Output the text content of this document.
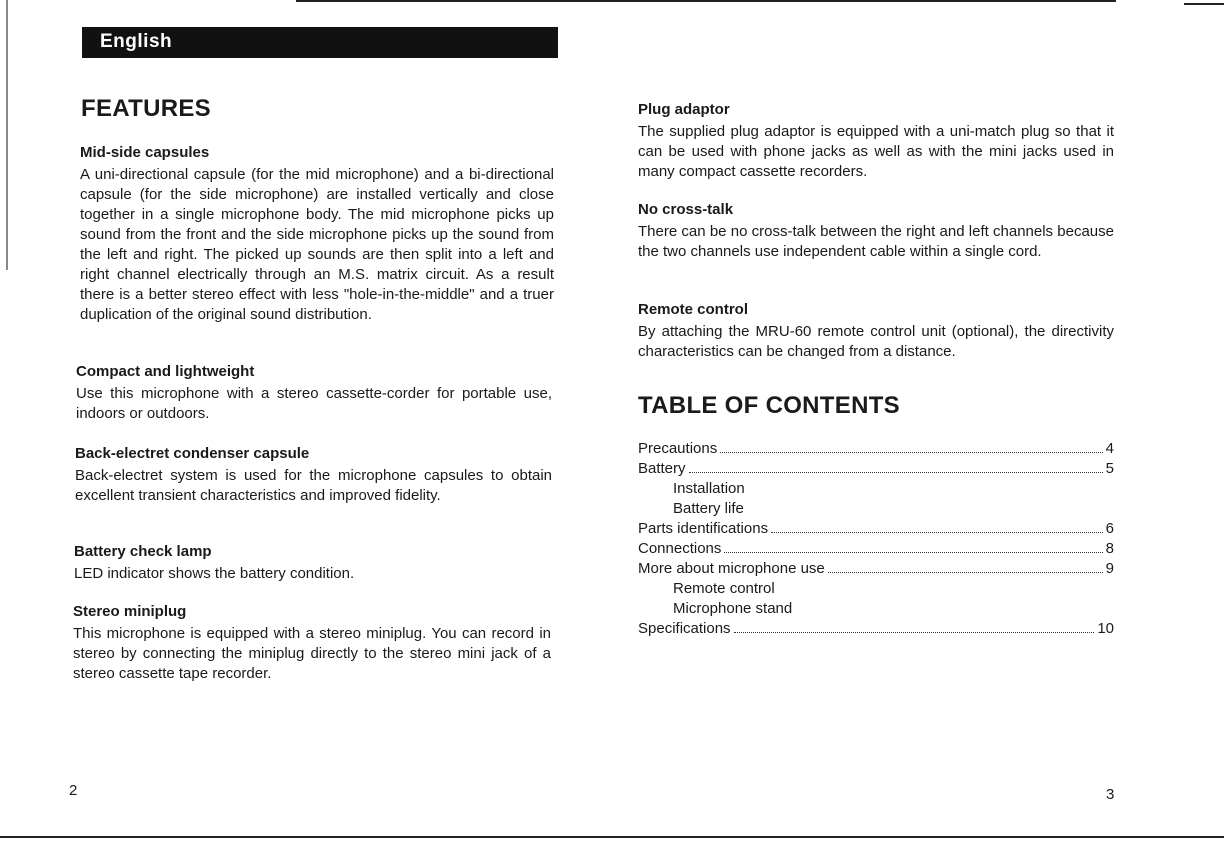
English
FEATURES
Mid-side capsules

A uni-directional capsule (for the mid microphone) and a bi-directional capsule (for the side microphone) are installed vertically and close together in a single microphone body. The mid microphone picks up sound from the front and the side microphone picks up the sound from the left and right. The picked up sounds are then split into a left and right channel electrically through an M.S. matrix circuit. As a result there is a better stereo effect with less "hole-in-the-middle" and a truer duplication of the original sound distribution.

Compact and lightweight

Use this microphone with a stereo cassette-corder for portable use, indoors or outdoors.

Back-electret condenser capsule

Back-electret system is used for the microphone capsules to obtain excellent transient characteristics and improved fidelity.

Battery check lamp

LED indicator shows the battery condition.

Stereo miniplug

This microphone is equipped with a stereo miniplug. You can record in stereo by connecting the miniplug directly to the stereo mini jack of a stereo cassette tape recorder.

2
Plug adaptor

The supplied plug adaptor is equipped with a uni-match plug so that it can be used with phone jacks as well as with the mini jacks used in many compact cassette recorders.

No cross-talk

There can be no cross-talk between the right and left channels because the two channels use independent cable within a single cord.

Remote control

By attaching the MRU-60 remote control unit (optional), the directivity characteristics can be changed from a distance.

TABLE OF CONTENTS
Precautions	4
Battery	5
Installation
Battery life
Parts identifications	6
Connections	8
More about microphone use	9
Remote control
Microphone stand
Specifications	10
3
